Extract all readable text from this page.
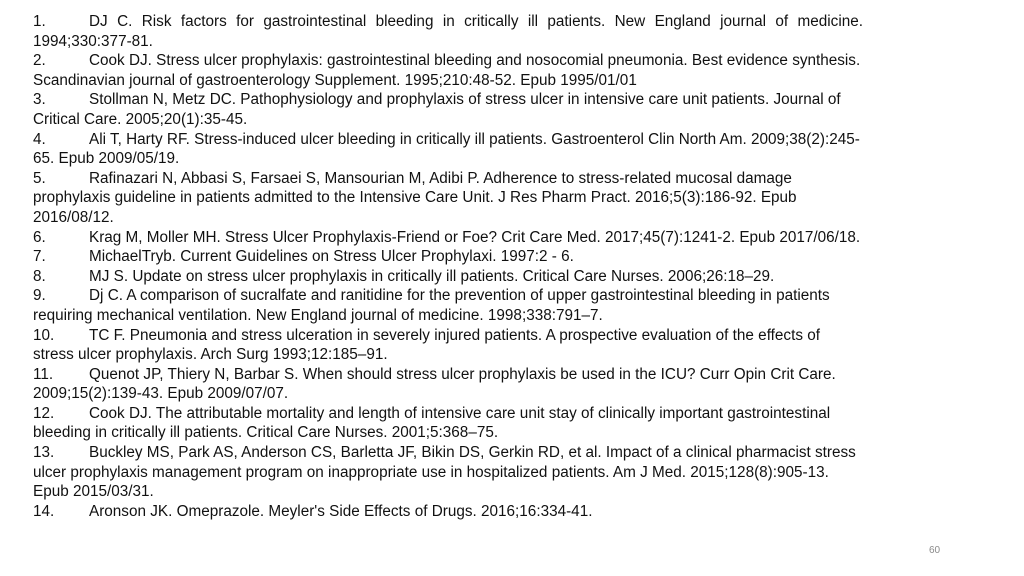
1.	DJ C. Risk factors for gastrointestinal bleeding in critically ill patients. New England journal of medicine. 1994;330:377-81.

2.	Cook DJ. Stress ulcer prophylaxis: gastrointestinal bleeding and nosocomial pneumonia. Best evidence synthesis. Scandinavian journal of gastroenterology Supplement. 1995;210:48-52. Epub 1995/01/01

3.	Stollman N, Metz DC. Pathophysiology and prophylaxis of stress ulcer in intensive care unit patients. Journal of Critical Care. 2005;20(1):35-45.

4.	Ali T, Harty RF. Stress-induced ulcer bleeding in critically ill patients. Gastroenterol Clin North Am. 2009;38(2):245-65. Epub 2009/05/19.

5.	Rafinazari N, Abbasi S, Farsaei S, Mansourian M, Adibi P. Adherence to stress-related mucosal damage prophylaxis guideline in patients admitted to the Intensive Care Unit. J Res Pharm Pract. 2016;5(3):186-92. Epub 2016/08/12.

6.	Krag M, Moller MH. Stress Ulcer Prophylaxis-Friend or Foe? Crit Care Med. 2017;45(7):1241-2. Epub 2017/06/18.

7.	MichaelTryb. Current Guidelines on Stress Ulcer Prophylaxi. 1997:2 - 6.

8.	MJ S. Update on stress ulcer prophylaxis in critically ill patients. Critical Care Nurses. 2006;26:18–29.

9.	Dj C. A comparison of sucralfate and ranitidine for the prevention of upper gastrointestinal bleeding in patients requiring mechanical ventilation. New England journal of medicine. 1998;338:791–7.

10. TC F. Pneumonia and stress ulceration in severely injured patients. A prospective evaluation of the effects of stress ulcer prophylaxis. Arch Surg 1993;12:185–91.

11. Quenot JP, Thiery N, Barbar S. When should stress ulcer prophylaxis be used in the ICU? Curr Opin Crit Care. 2009;15(2):139-43. Epub 2009/07/07.

12. Cook DJ. The attributable mortality and length of intensive care unit stay of clinically important gastrointestinal bleeding in critically ill patients. Critical Care Nurses. 2001;5:368–75.

13. Buckley MS, Park AS, Anderson CS, Barletta JF, Bikin DS, Gerkin RD, et al. Impact of a clinical pharmacist stress ulcer prophylaxis management program on inappropriate use in hospitalized patients. Am J Med. 2015;128(8):905-13. Epub 2015/03/31.

14. Aronson JK. Omeprazole. Meyler's Side Effects of Drugs. 2016;16:334-41.

60
